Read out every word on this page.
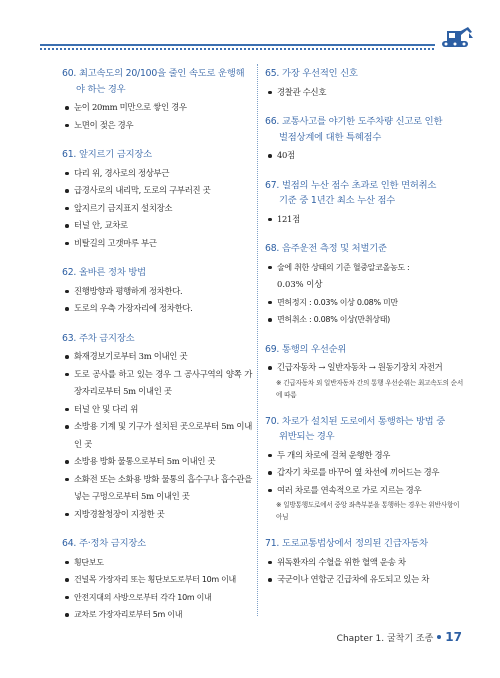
60. 최고속도의 20/100을 줄인 속도로 운행해
야 하는 경우
눈이 20mm 미만으로 쌓인 경우
노면이 젖은 경우
61. 앞지르기 금지장소
다리 위, 경사로의 정상부근
급경사로의 내리막, 도로의 구부러진 곳
앞지르기 금지표지 설치장소
터널 안, 교차로
비탈길의 고갯마루 부근
62. 올바른 정차 방법
진행방향과 평행하게 정차한다.
도로의 우측 가장자리에 정차한다.
63. 주차 금지장소
화재경보기로부터 3m 이내인 곳
도로 공사를 하고 있는 경우 그 공사구역의 양쪽 가장자리로부터 5m 이내인 곳
터널 안 및 다리 위
소방용 기계 및 기구가 설치된 곳으로부터 5m 이내인 곳
소방용 방화 물통으로부터 5m 이내인 곳
소화전 또는 소화용 방화 물통의 흡수구나 흡수관을 넣는 구멍으로부터 5m 이내인 곳
지방경찰청장이 지정한 곳
64. 주·정차 금지장소
횡단보도
건널목 가장자리 또는 횡단보도로부터 10m 이내
안전지대의 사방으로부터 각각 10m 이내
교차로 가장자리로부터 5m 이내
65. 가장 우선적인 신호
경찰관 수신호
66. 교통사고를 야기한 도주차량 신고로 인한
벌점상계에 대한 특혜점수
40점
67. 벌점의 누산 점수 초과로 인한 면허취소
기준 중 1년간 최소 누산 점수
121점
68. 음주운전 측정 및 처벌기준
술에 취한 상태의 기준 혈중알코올농도 :
0.03% 이상
면허정지 : 0.03% 이상 0.08% 미만
면허취소 : 0.08% 이상(만취상태)
69. 통행의 우선순위
긴급자동차 → 일반자동차 → 원동기장치 자전거
※ 긴급자동차 외 일반자동차 간의 통행 우선순위는 최고속도의 순서에 따름
70. 차로가 설치된 도로에서 통행하는 방법 중
위반되는 경우
두 개의 차로에 걸쳐 운행한 경우
갑자기 차로를 바꾸어 옆 차선에 끼어드는 경우
여러 차로를 연속적으로 가로 지르는 경우
※ 일방통행도로에서 중앙 좌측부분을 통행하는 경우는 위반사항이 아님
71. 도로교통법상에서 정의된 긴급자동차
위독환자의 수혈을 위한 혈액 운송 차
국군이나 연합군 긴급차에 유도되고 있는 차
Chapter 1. 굴착기 조종 17
